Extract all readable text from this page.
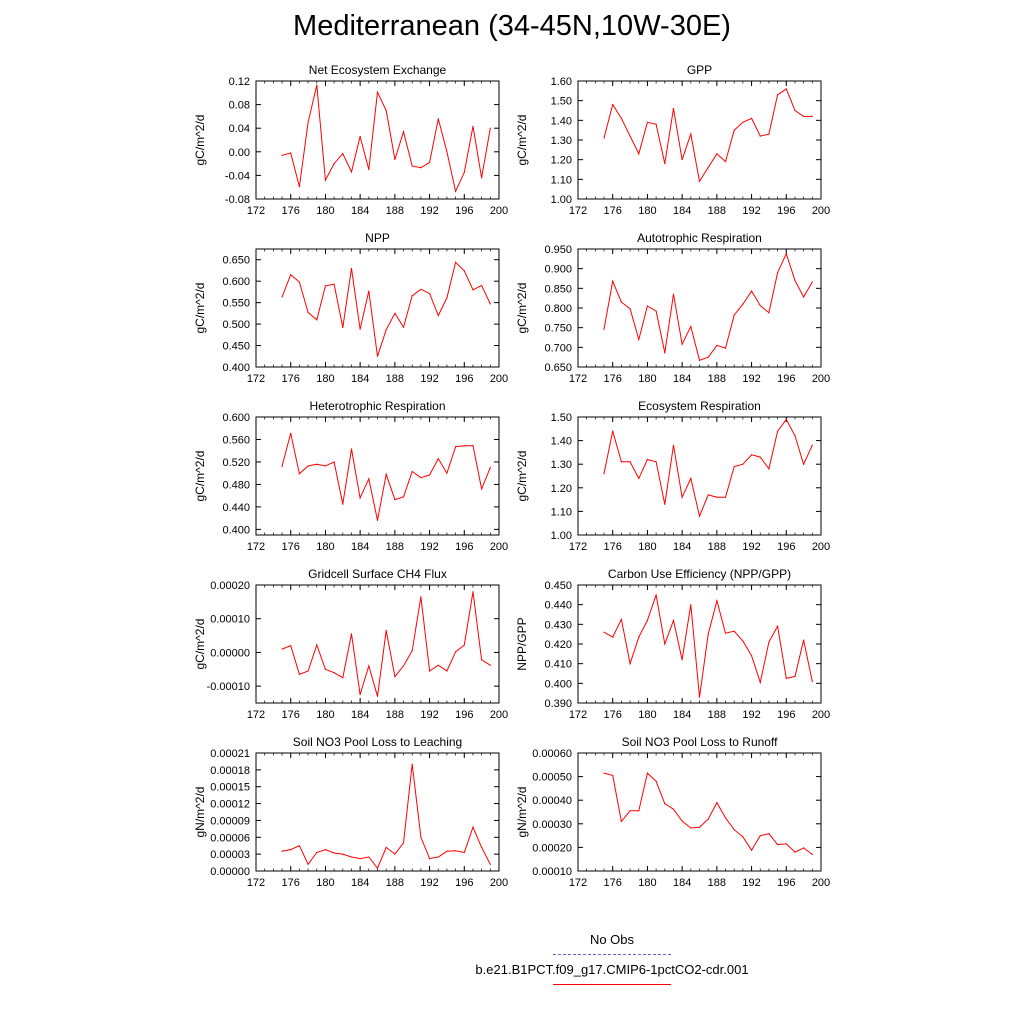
Mediterranean (34-45N,10W-30E)
Net Ecosystem Exchange
gC/m^2/d
172 176 180 184 188 192 196 200
-0.08
-0.04
0.00
0.04
0.08
0.12
GPP
gC/m^2/d
172 176 180 184 188 192 196 200
1.00
1.10
1.20
1.30
1.40
1.50
1.60
NPP
gC/m^2/d
172 176 180 184 188 192 196 200
0.400
0.450
0.500
0.550
0.600
0.650
Autotrophic Respiration
gC/m^2/d
172 176 180 184 188 192 196 200
0.650
0.700
0.750
0.800
0.850
0.900
0.950
Heterotrophic Respiration
gC/m^2/d
172 176 180 184 188 192 196 200
0.400
0.440
0.480
0.520
0.560
0.600
Ecosystem Respiration
gC/m^2/d
172 176 180 184 188 192 196 200
1.00
1.10
1.20
1.30
1.40
1.50
Gridcell Surface CH4 Flux
gC/m^2/d
172 176 180 184 188 192 196 200
-0.00010
0.00000
0.00010
0.00020
Carbon Use Efficiency (NPP/GPP)
NPP/GPP
172 176 180 184 188 192 196 200
0.390
0.400
0.410
0.420
0.430
0.440
0.450
Soil NO3 Pool Loss to Leaching
gN/m^2/d
172 176 180 184 188 192 196 200
0.00000
0.00003
0.00006
0.00009
0.00012
0.00015
0.00018
0.00021
Soil NO3 Pool Loss to Runoff
gN/m^2/d
172 176 180 184 188 192 196 200
0.00010
0.00020
0.00030
0.00040
0.00050
0.00060
No Obs
b.e21.B1PCT.f09_g17.CMIP6-1pctCO2-cdr.001
